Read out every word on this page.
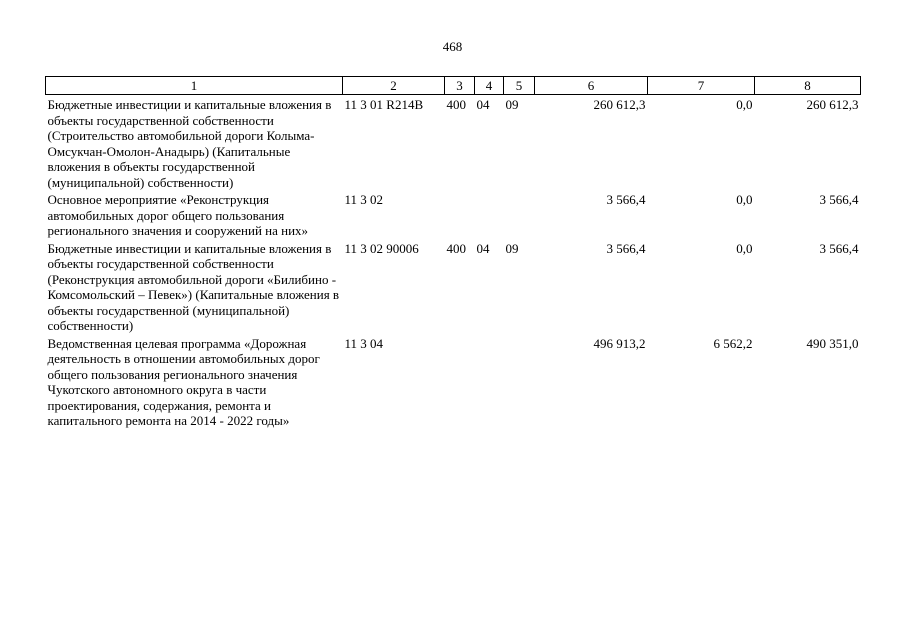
468
1	2	3	4	5	6	7	8
Бюджетные инвестиции и капитальные вложения в объекты государственной собственности (Строительство автомобильной дороги Колыма-Омсукчан-Омолон-Анадырь) (Капитальные вложения в объекты государственной (муниципальной) собственности)	11 3 01 R214B	400	04	09	260 612,3	0,0	260 612,3
Основное мероприятие «Реконструкция автомобильных дорог общего пользования регионального значения и сооружений на них»	11 3 02				3 566,4	0,0	3 566,4
Бюджетные инвестиции и капитальные вложения в объекты государственной собственности (Реконструкция автомобильной дороги «Билибино - Комсомольский – Певек») (Капитальные вложения в объекты государственной (муниципальной) собственности)	11 3 02 90006	400	04	09	3 566,4	0,0	3 566,4
Ведомственная целевая программа «Дорожная деятельность в отношении автомобильных дорог общего пользования регионального значения Чукотского автономного округа в части проектирования, содержания, ремонта и капитального ремонта на 2014 - 2022 годы»	11 3 04				496 913,2	6 562,2	490 351,0
